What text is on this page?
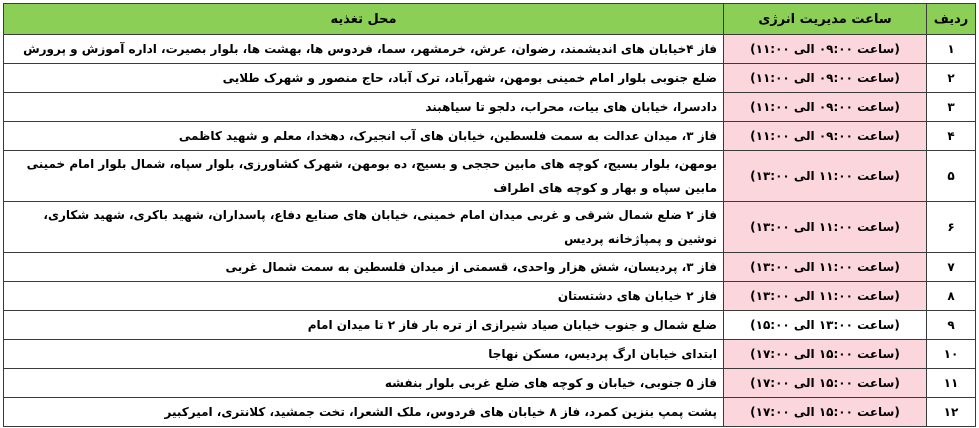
ردیف	ساعت مدیریت انرژی	محل تغذیه
۱	(ساعت ۰۹:۰۰ الی ۱۱:۰۰)	فاز ۴خیابان های اندیشمند، رضوان، عرش، خرمشهر، سما، فردوس ها، بهشت ها، بلوار بصیرت، اداره آموزش و پرورش
۲	(ساعت ۰۹:۰۰ الی ۱۱:۰۰)	ضلع جنوبی بلوار امام خمینی بومهن، شهرآباد، ترک آباد، حاج منصور و شهرک طلایی
۳	(ساعت ۰۹:۰۰ الی ۱۱:۰۰)	دادسرا، خیابان های بیات، محراب، دلجو تا سیاهبند
۴	(ساعت ۰۹:۰۰ الی ۱۱:۰۰)	فاز ۳، میدان عدالت به سمت فلسطین، خیابان های آب انجیرک، دهخدا، معلم و شهید کاظمی
۵	(ساعت ۱۱:۰۰ الی ۱۳:۰۰)	بومهن، بلوار بسیج، کوچه های مابین حججی و بسیج، ده بومهن، شهرک کشاورزی، بلوار سپاه، شمال بلوار امام خمینی مابین سپاه و بهار و کوچه های اطراف
۶	(ساعت ۱۱:۰۰ الی ۱۳:۰۰)	فاز ۲ ضلع شمال شرقی و غربی میدان امام خمینی، خیابان های صنایع دفاع، پاسداران، شهید باکری، شهید شکاری، نوشین و پمپاژخانه پردیس
۷	(ساعت ۱۱:۰۰ الی ۱۳:۰۰)	فاز ۳، پردیسان، شش هزار واحدی، قسمتی از میدان فلسطین به سمت شمال غربی
۸	(ساعت ۱۱:۰۰ الی ۱۳:۰۰)	فاز ۲ خیابان های دشتستان
۹	(ساعت ۱۳:۰۰ الی ۱۵:۰۰)	ضلع شمال و جنوب خیابان صیاد شیرازی از تره بار فاز ۲ تا میدان امام
۱۰	(ساعت ۱۵:۰۰ الی ۱۷:۰۰)	ابتدای خیابان ارگ پردیس، مسکن نهاجا
۱۱	(ساعت ۱۵:۰۰ الی ۱۷:۰۰)	فاز ۵ جنوبی، خیابان و کوچه های ضلع غربی بلوار بنفشه
۱۲	(ساعت ۱۵:۰۰ الی ۱۷:۰۰)	پشت پمپ بنزین کمرد، فاز ۸ خیابان های فردوس، ملک الشعرا، تخت جمشید، کلانتری، امیرکبیر
